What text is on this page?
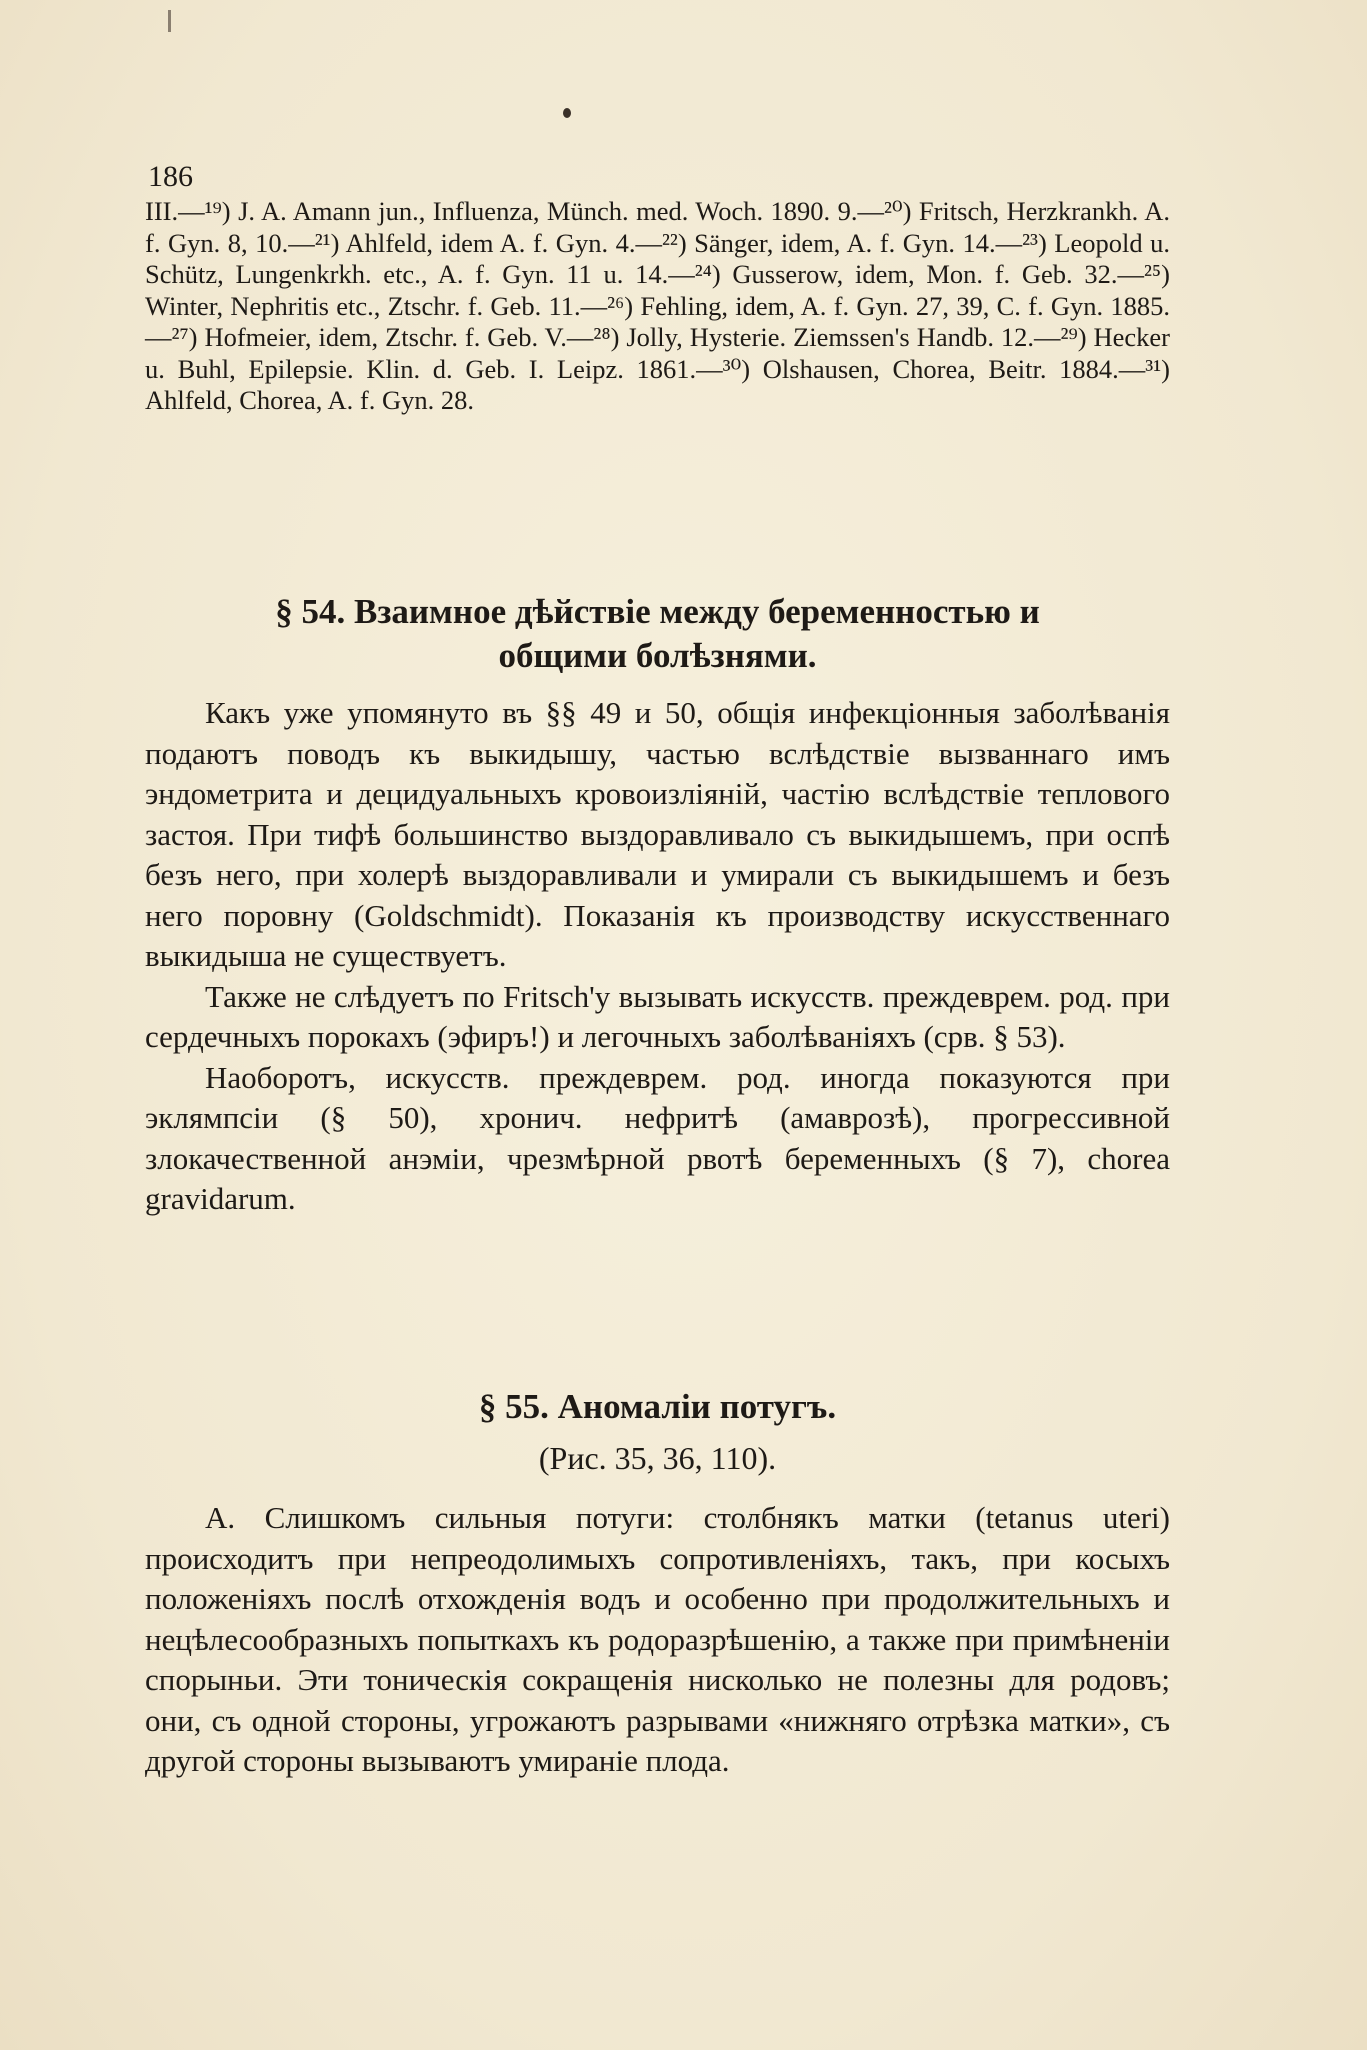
186

III.—¹⁹) J. A. Amann jun., Influenza, Münch. med. Woch. 1890. 9.—²⁰) Fritsch, Herzkrankh. A. f. Gyn. 8, 10.—²¹) Ahlfeld, idem A. f. Gyn. 4.—²²) Sänger, idem, A. f. Gyn. 14.—²³) Leopold u. Schütz, Lungenkrkh. etc., A. f. Gyn. 11 u. 14.—²⁴) Gusserow, idem, Mon. f. Geb. 32.—²⁵) Winter, Nephritis etc., Ztschr. f. Geb. 11.—²⁶) Fehling, idem, A. f. Gyn. 27, 39, C. f. Gyn. 1885.—²⁷) Hofmeier, idem, Ztschr. f. Geb. V.—²⁸) Jolly, Hysterie. Ziemssen's Handb. 12.—²⁹) Hecker u. Buhl, Epilepsie. Klin. d. Geb. I. Leipz. 1861.—³⁰) Olshausen, Chorea, Beitr. 1884.—³¹) Ahlfeld, Chorea, A. f. Gyn. 28.

§ 54. Взаимное дѣйствіе между беременностью и
общими болѣзнями.

Какъ уже упомянуто въ §§ 49 и 50, общія инфекціонныя заболѣванія подаютъ поводъ къ выкидышу, частью вслѣдствіе вызваннаго имъ эндометрита и децидуальныхъ кровоизліяній, частію вслѣдствіе теплового застоя. При тифѣ большинство выздоравливало съ выкидышемъ, при оспѣ безъ него, при холерѣ выздоравливали и умирали съ выкидышемъ и безъ него поровну (Goldschmidt). Показанія къ производству искусственнаго выкидыша не существуетъ.

Также не слѣдуетъ по Fritsch'у вызывать искусств. преждеврем. род. при сердечныхъ порокахъ (эфиръ!) и легочныхъ заболѣваніяхъ (срв. § 53).

Наоборотъ, искусств. преждеврем. род. иногда показуются при эклямпсіи (§ 50), хронич. нефритѣ (амаврозѣ), прогрессивной злокачественной анэміи, чрезмѣрной рвотѣ беременныхъ (§ 7), chorea gravidarum.

§ 55. Аномаліи потугъ.
(Рис. 35, 36, 110).

А. Слишкомъ сильныя потуги: столбнякъ матки (tetanus uteri) происходитъ при непреодолимыхъ сопротивленіяхъ, такъ, при косыхъ положеніяхъ послѣ отхожденія водъ и особенно при продолжительныхъ и нецѣлесообразныхъ попыткахъ къ родоразрѣшенію, а также при примѣненіи спорыньи. Эти тоническія сокращенія нисколько не полезны для родовъ; они, съ одной стороны, угрожаютъ разрывами «нижняго отрѣзка матки», съ другой стороны вызываютъ умираніе плода.
